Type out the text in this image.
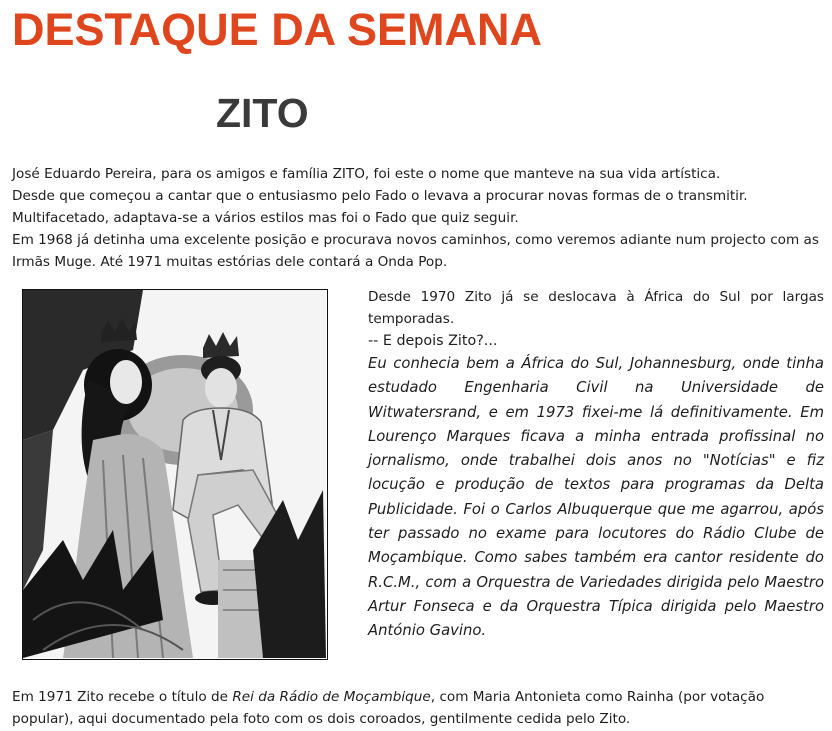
DESTAQUE DA SEMANA
ZITO

José Eduardo Pereira, para os amigos e família ZITO, foi este o nome que manteve na sua vida artística.

Desde que começou a cantar que o entusiasmo pelo Fado o levava a procurar novas formas de o transmitir.

Multifacetado, adaptava-se a vários estilos mas foi o Fado que quiz seguir.

Em 1968 já detinha uma excelente posição e procurava novos caminhos, como veremos adiante num projecto com as Irmãs Muge. Até 1971 muitas estórias dele contará a Onda Pop.

Desde 1970 Zito já se deslocava à África do Sul por largas temporadas.

-- E depois Zito?...

Eu conhecia bem a África do Sul, Johannesburg, onde tinha estudado Engenharia Civil na Universidade de Witwatersrand, e em 1973 fixei-me lá definitivamente. Em Lourenço Marques ficava a minha entrada profissinal no jornalismo, onde trabalhei dois anos no "Notícias" e fiz locução e produção de textos para programas da Delta Publicidade. Foi o Carlos Albuquerque que me agarrou, após ter passado no exame para locutores do Rádio Clube de Moçambique. Como sabes também era cantor residente do R.C.M., com a Orquestra de Variedades dirigida pelo Maestro Artur Fonseca e da Orquestra Típica dirigida pelo Maestro António Gavino.

Em 1971 Zito recebe o título de Rei da Rádio de Moçambique, com Maria Antonieta como Rainha (por votação popular), aqui documentado pela foto com os dois coroados, gentilmente cedida pelo Zito.
